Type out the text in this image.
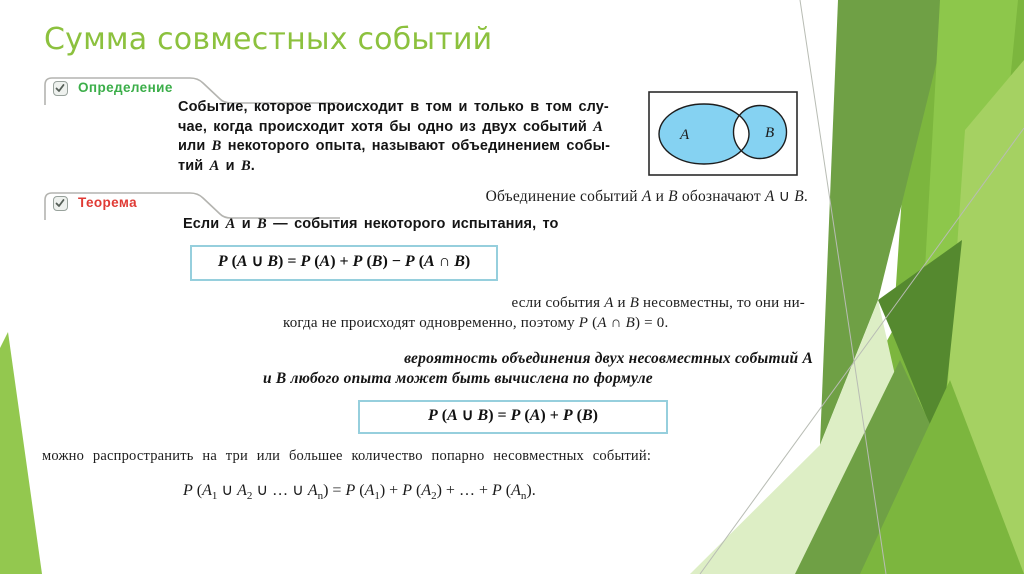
Сумма совместных событий
Определение
Событие, которое происходит в том и только в том слу-
чае, когда происходит хотя бы одно из двух событий A
или B некоторого опыта, называют объединением собы-
тий A и B.
A	B
Объединение событий A и B обозначают A ∪ B.
Теорема
Если A и B — события некоторого испытания, то
P (A ∪ B) = P (A) + P (B) − P (A ∩ B)
если события A и B несовместны, то они ни-
когда не происходят одновременно, поэтому P (A ∩ B) = 0.
вероятность объединения двух несовместных событий A
и B любого опыта может быть вычислена по формуле
P (A ∪ B) = P (A) + P (B)
можно распространить на три или большее количество попарно несовместных событий:
P ($A_1$ ∪ $A_2$ ∪ … ∪ $A_n) = P$ $(A_1) + P$ $(A_2)$ + … + P $(A_n)$.
